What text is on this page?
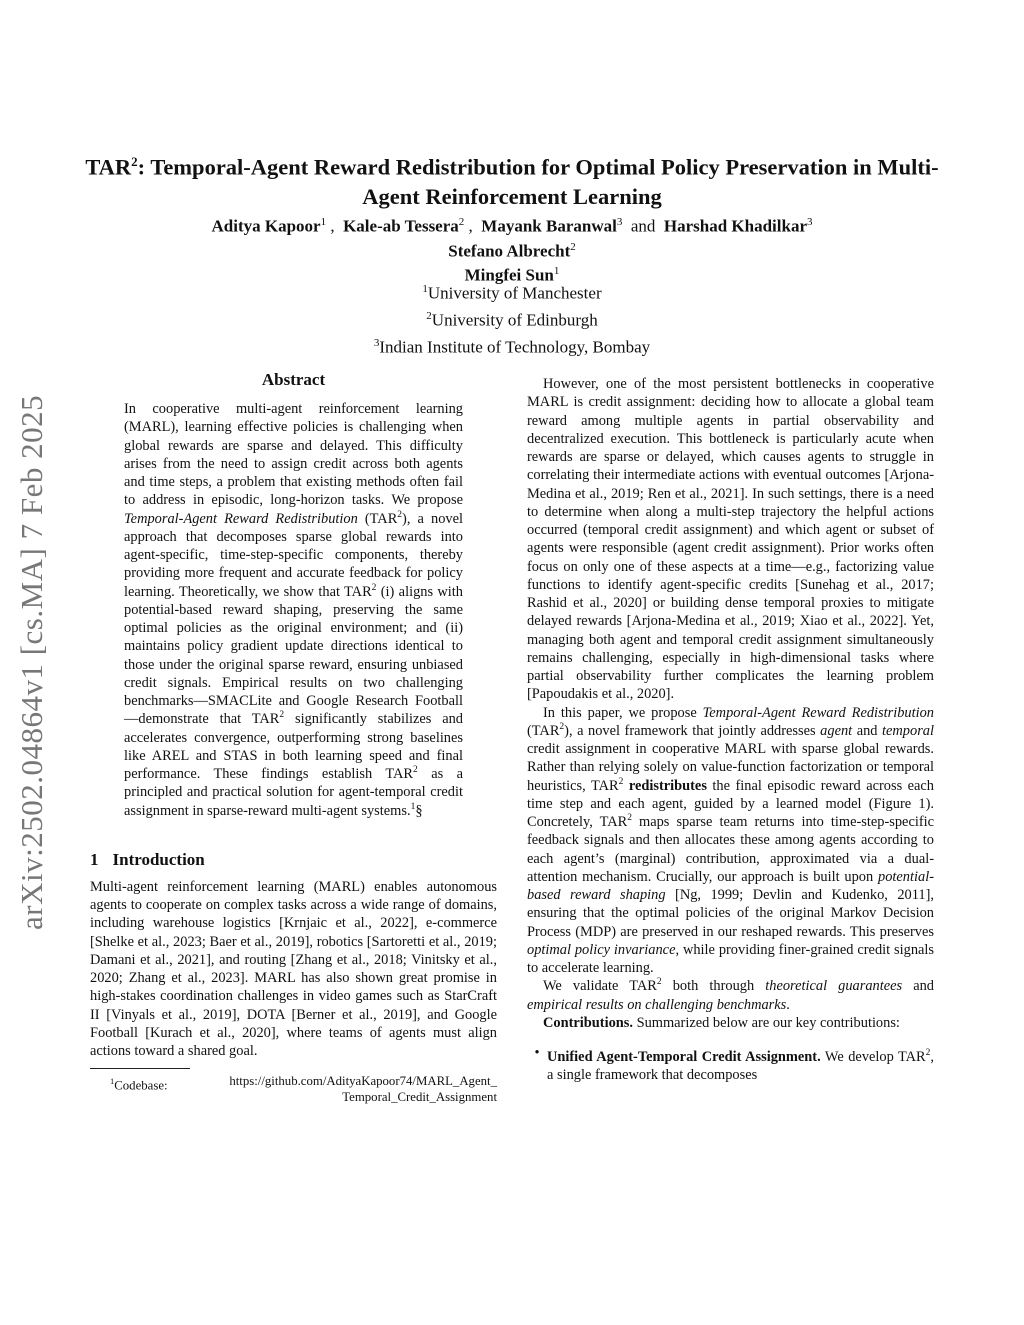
arXiv:2502.04864v1 [cs.MA] 7 Feb 2025
TAR$^2$: Temporal-Agent Reward Redistribution for Optimal Policy Preservation in Multi-Agent Reinforcement Learning
Aditya Kapoor$^1$ ,  Kale-ab Tessera$^2$ ,  Mayank Baranwal$^3$ and Harshad Khadilkar$^3$
Stefano Albrecht$^2$
Mingfei Sun$^1$
$^1$University of Manchester
$^2$University of Edinburgh
$^3$Indian Institute of Technology, Bombay
Abstract
In cooperative multi-agent reinforcement learning (MARL), learning effective policies is challenging when global rewards are sparse and delayed. This difficulty arises from the need to assign credit across both agents and time steps, a problem that existing methods often fail to address in episodic, long-horizon tasks. We propose Temporal-Agent Reward Redistribution (TAR$^2$), a novel approach that decomposes sparse global rewards into agent-specific, time-step-specific components, thereby providing more frequent and accurate feedback for policy learning. Theoretically, we show that TAR$^2$ (i) aligns with potential-based reward shaping, preserving the same optimal policies as the original environment; and (ii) maintains policy gradient update directions identical to those under the original sparse reward, ensuring unbiased credit signals. Empirical results on two challenging benchmarks—SMACLite and Google Research Football—demonstrate that TAR$^2$ significantly stabilizes and accelerates convergence, outperforming strong baselines like AREL and STAS in both learning speed and final performance. These findings establish TAR$^2$ as a principled and practical solution for agent-temporal credit assignment in sparse-reward multi-agent systems.$^1$§
1 Introduction

Multi-agent reinforcement learning (MARL) enables autonomous agents to cooperate on complex tasks across a wide range of domains, including warehouse logistics [Krnjaic et al., 2022], e-commerce [Shelke et al., 2023; Baer et al., 2019], robotics [Sartoretti et al., 2019; Damani et al., 2021], and routing [Zhang et al., 2018; Vinitsky et al., 2020; Zhang et al., 2023]. MARL has also shown great promise in high-stakes coordination challenges in video games such as StarCraft II [Vinyals et al., 2019], DOTA [Berner et al., 2019], and Google Football [Kurach et al., 2020], where teams of agents must align actions toward a shared goal.

$^1$Codebase:	https://github.com/AdityaKapoor74/MARL_Agent_Temporal_Credit_Assignment

However, one of the most persistent bottlenecks in cooperative MARL is credit assignment: deciding how to allocate a global team reward among multiple agents in partial observability and decentralized execution. This bottleneck is particularly acute when rewards are sparse or delayed, which causes agents to struggle in correlating their intermediate actions with eventual outcomes [Arjona-Medina et al., 2019; Ren et al., 2021]. In such settings, there is a need to determine when along a multi-step trajectory the helpful actions occurred (temporal credit assignment) and which agent or subset of agents were responsible (agent credit assignment). Prior works often focus on only one of these aspects at a time—e.g., factorizing value functions to identify agent-specific credits [Sunehag et al., 2017; Rashid et al., 2020] or building dense temporal proxies to mitigate delayed rewards [Arjona-Medina et al., 2019; Xiao et al., 2022]. Yet, managing both agent and temporal credit assignment simultaneously remains challenging, especially in high-dimensional tasks where partial observability further complicates the learning problem [Papoudakis et al., 2020].

In this paper, we propose Temporal-Agent Reward Redistribution (TAR$^2$), a novel framework that jointly addresses agent and temporal credit assignment in cooperative MARL with sparse global rewards. Rather than relying solely on value-function factorization or temporal heuristics, TAR$^2$ redistributes the final episodic reward across each time step and each agent, guided by a learned model (Figure 1). Concretely, TAR$^2$ maps sparse team returns into time-step-specific feedback signals and then allocates these among agents according to each agent’s (marginal) contribution, approximated via a dual-attention mechanism. Crucially, our approach is built upon potential-based reward shaping [Ng, 1999; Devlin and Kudenko, 2011], ensuring that the optimal policies of the original Markov Decision Process (MDP) are preserved in our reshaped rewards. This preserves optimal policy invariance, while providing finer-grained credit signals to accelerate learning.

We validate TAR$^2$ both through theoretical guarantees and empirical results on challenging benchmarks.

Contributions. Summarized below are our key contributions:

• Unified Agent-Temporal Credit Assignment. We develop TAR$^2$, a single framework that decomposes
